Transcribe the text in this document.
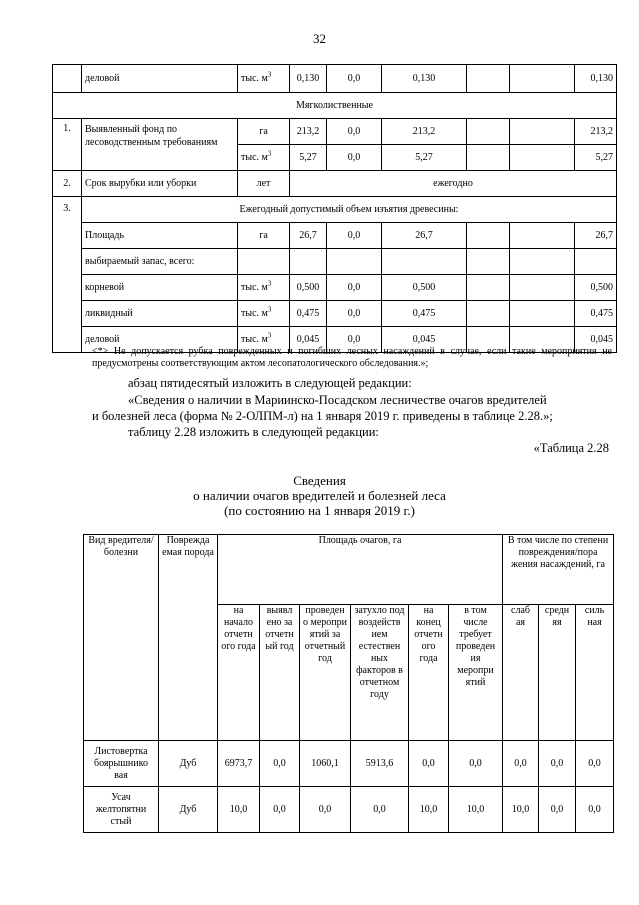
32
	деловой	тыс. $м^3$	0,130	0,0	0,130			0,130
Мягколиственные								
1.	Выявленный фонд по лесоводственным требованиям	га	213,2	0,0	213,2			213,2
		тыс. $м^3$	5,27	0,0	5,27			5,27
2.	Срок вырубки или уборки	лет	ежегодно					
3.	Ежегодный допустимый объем изъятия древесины:							
	Площадь	га	26,7	0,0	26,7			26,7
	выбираемый запас, всего:							
	корневой	тыс. $м^3$	0,500	0,0	0,500			0,500
	ликвидный	тыс. $м^3$	0,475	0,0	0,475			0,475
	деловой	тыс. $м^3$	0,045	0,0	0,045			0,045
<*> Не допускается рубка поврежденных и погибших лесных насаждений в случае, если такие мероприятия не предусмотрены соответствующим актом лесопатологического обследования.»;
абзац пятидесятый изложить в следующей редакции:
«Сведения о наличии в Мариинско-Посадском лесничестве очагов вредителей
и болезней леса (форма № 2-ОЛПМ-л) на 1 января 2019 г. приведены в таблице 2.28.»;
таблицу 2.28 изложить в следующей редакции:
«Таблица 2.28
Сведения
о наличии очагов вредителей и болезней леса
(по состоянию на 1 января 2019 г.)
Вид вредителя/ болезни	Поврежда емая порода	Площадь очагов, га						В том числе по степени повреждения/пора жения насаждений, га		
		на начало отчетн ого года	выявл ено за отчетн ый год	проведен о меропри ятий за отчетный год	затухло под воздейств ием естествен ных факторов в отчетном году	на конец отчетн ого года	в том числе требует проведен ия меропри ятий	слаб ая	средн яя	силь ная
Листовертка боярышнико вая	Дуб	6973,7	0,0	1060,1	5913,6	0,0	0,0	0,0	0,0	0,0
Усач желтопятни стый	Дуб	10,0	0,0	0,0	0,0	10,0	10,0	10,0	0,0	0,0
